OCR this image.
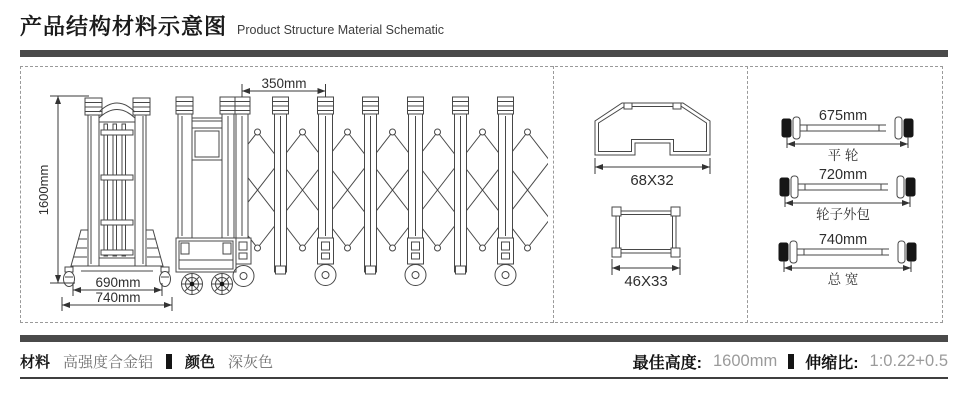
产品结构材料示意图 Product Structure Material Schematic
1600mm
690mm
740mm
350mm
68X32
46X33
675mm
平 轮
720mm
轮子外包
740mm
总 宽
材料 高强度合金铝 颜色 深灰色	最佳高度: 1600mm 伸缩比: 1:0.22+0.5
